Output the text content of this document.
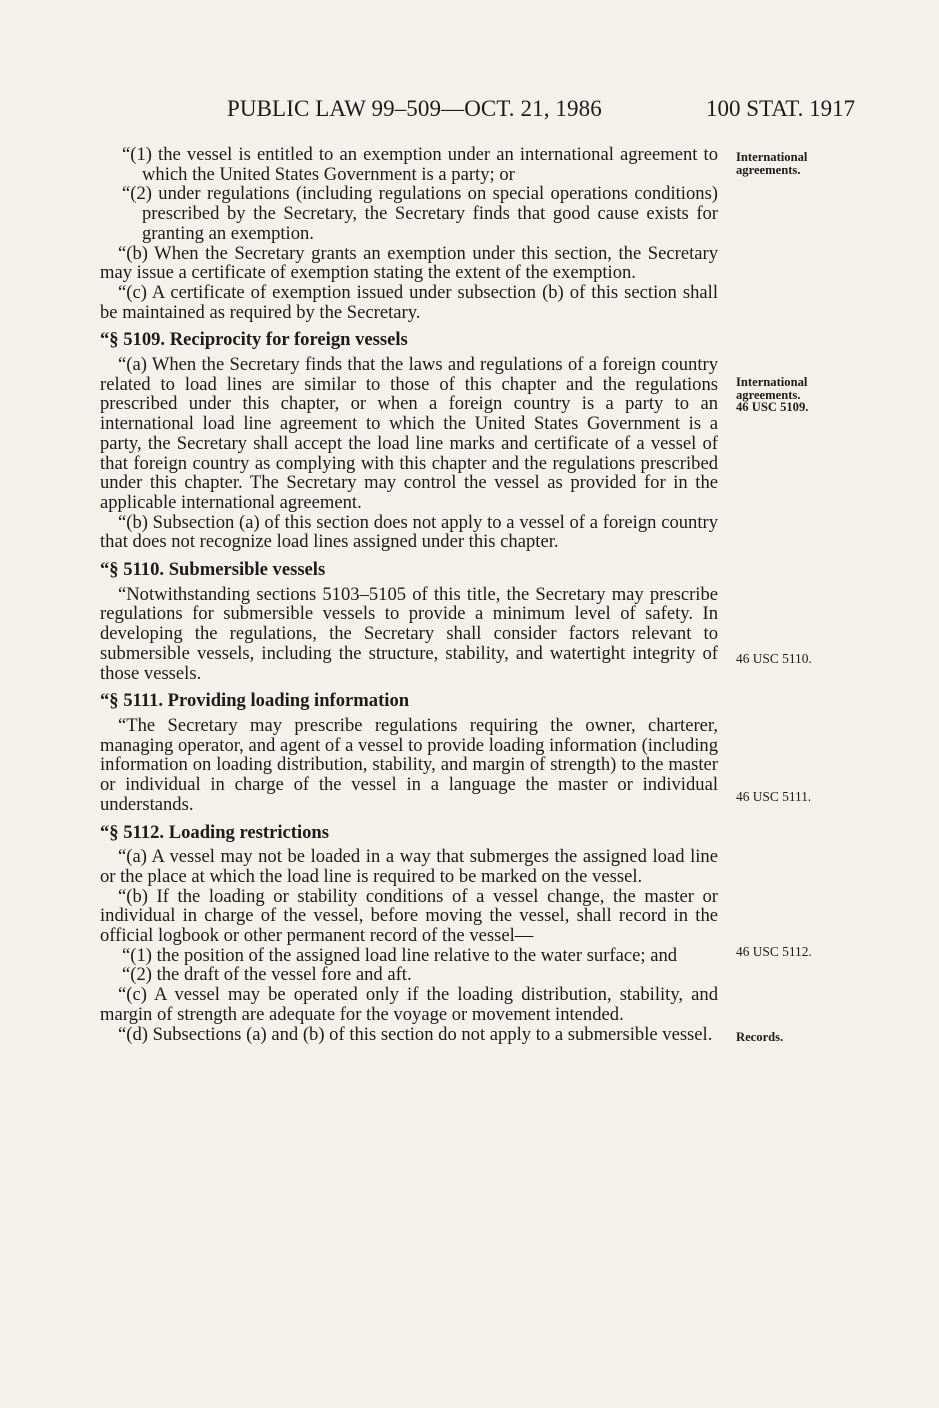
PUBLIC LAW 99–509—OCT. 21, 1986	100 STAT. 1917

“(1) the vessel is entitled to an exemption under an international agreement to which the United States Government is a party; or

“(2) under regulations (including regulations on special operations conditions) prescribed by the Secretary, the Secretary finds that good cause exists for granting an exemption.

“(b) When the Secretary grants an exemption under this section, the Secretary may issue a certificate of exemption stating the extent of the exemption.

“(c) A certificate of exemption issued under subsection (b) of this section shall be maintained as required by the Secretary.

“§ 5109. Reciprocity for foreign vessels

“(a) When the Secretary finds that the laws and regulations of a foreign country related to load lines are similar to those of this chapter and the regulations prescribed under this chapter, or when a foreign country is a party to an international load line agreement to which the United States Government is a party, the Secretary shall accept the load line marks and certificate of a vessel of that foreign country as complying with this chapter and the regulations prescribed under this chapter. The Secretary may control the vessel as provided for in the applicable international agreement.

“(b) Subsection (a) of this section does not apply to a vessel of a foreign country that does not recognize load lines assigned under this chapter.

“§ 5110. Submersible vessels

“Notwithstanding sections 5103–5105 of this title, the Secretary may prescribe regulations for submersible vessels to provide a minimum level of safety. In developing the regulations, the Secretary shall consider factors relevant to submersible vessels, including the structure, stability, and watertight integrity of those vessels.

“§ 5111. Providing loading information

“The Secretary may prescribe regulations requiring the owner, charterer, managing operator, and agent of a vessel to provide loading information (including information on loading distribution, stability, and margin of strength) to the master or individual in charge of the vessel in a language the master or individual understands.

“§ 5112. Loading restrictions

“(a) A vessel may not be loaded in a way that submerges the assigned load line or the place at which the load line is required to be marked on the vessel.

“(b) If the loading or stability conditions of a vessel change, the master or individual in charge of the vessel, before moving the vessel, shall record in the official logbook or other permanent record of the vessel—

“(1) the position of the assigned load line relative to the water surface; and

“(2) the draft of the vessel fore and aft.

“(c) A vessel may be operated only if the loading distribution, stability, and margin of strength are adequate for the voyage or movement intended.

“(d) Subsections (a) and (b) of this section do not apply to a submersible vessel.

International
agreements.
International
agreements.
46 USC 5109.
46 USC 5110.
46 USC 5111.
46 USC 5112.
Records.
